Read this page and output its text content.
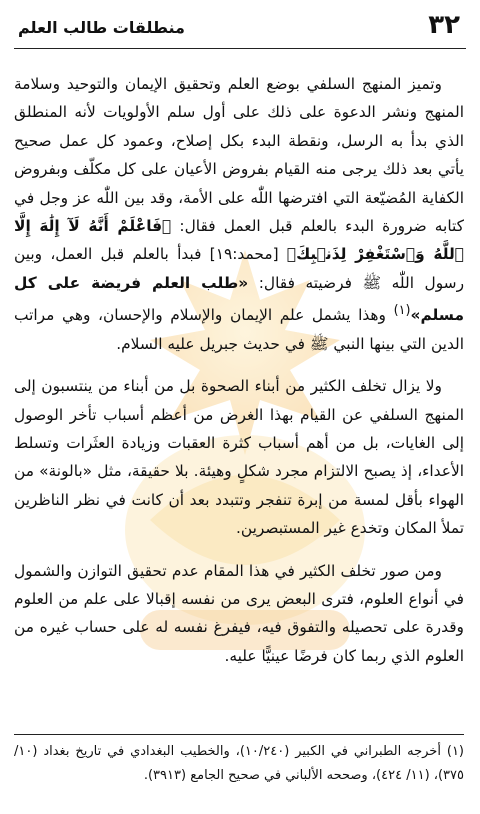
٣٢
منطلقات طالب العلم

وتميز المنهج السلفي بوضع العلم وتحقيق الإيمان والتوحيد وسلامة المنهج ونشر الدعوة على ذلك على أول سلم الأولويات لأنه المنطلق الذي بدأ به الرسل، ونقطة البدء بكل إصلاح، وعمود كل عمل صحيح يأتي بعد ذلك يرجى منه القيام بفروض الأعيان على كل مكلّف وبفروض الكفاية المُضيّعة التي افترضها اللّٰه على الأمة، وقد بين اللّٰه عز وجل في كتابه ضرورة البدء بالعلم قبل العمل فقال: ﴿فَاعْلَمْ أَنَّهُ لَآ إِلَٰهَ إِلَّا ٱللَّهُ وَٱسْتَغْفِرْ لِذَنۢبِكَ﴾ [محمد:١٩] فبدأ بالعلم قبل العمل، وبين رسول اللّٰه ﷺ فرضيته فقال: «طلب العلم فريضة على كل مسلم»$^{(١)}$ وهذا يشمل علم الإيمان والإسلام والإحسان، وهي مراتب الدين التي بينها النبي ﷺ في حديث جبريل عليه السلام.

ولا يزال تخلف الكثير من أبناء الصحوة بل من أبناء من ينتسبون إلى المنهج السلفي عن القيام بهذا الغرض من أعظم أسباب تأخر الوصول إلى الغايات، بل من أهم أسباب كثرة العقبات وزيادة العثَرات وتسلط الأعداء، إذ يصبح الالتزام مجرد شكلٍ وهيئة. بلا حقيقة، مثل «بالونة» من الهواء بأقل لمسة من إبرة تنفجر وتتبدد بعد أن كانت في نظر الناظرين تملأ المكان وتخدع غير المستبصرين.

ومن صور تخلف الكثير في هذا المقام عدم تحقيق التوازن والشمول في أنواع العلوم، فترى البعض يرى من نفسه إقبالا على علم من العلوم وقدرة على تحصيله والتفوق فيه، فيفرغ نفسه له على حساب غيره من العلوم الذي ربما كان فرضًا عينيًّا عليه.

(١) أخرجه الطبراني في الكبير (١٠/٢٤٠)، والخطيب البغدادي في تاريخ بغداد (١٠/ ٣٧٥)، (١١/ ٤٢٤)، وصححه الألباني في صحيح الجامع (٣٩١٣).
